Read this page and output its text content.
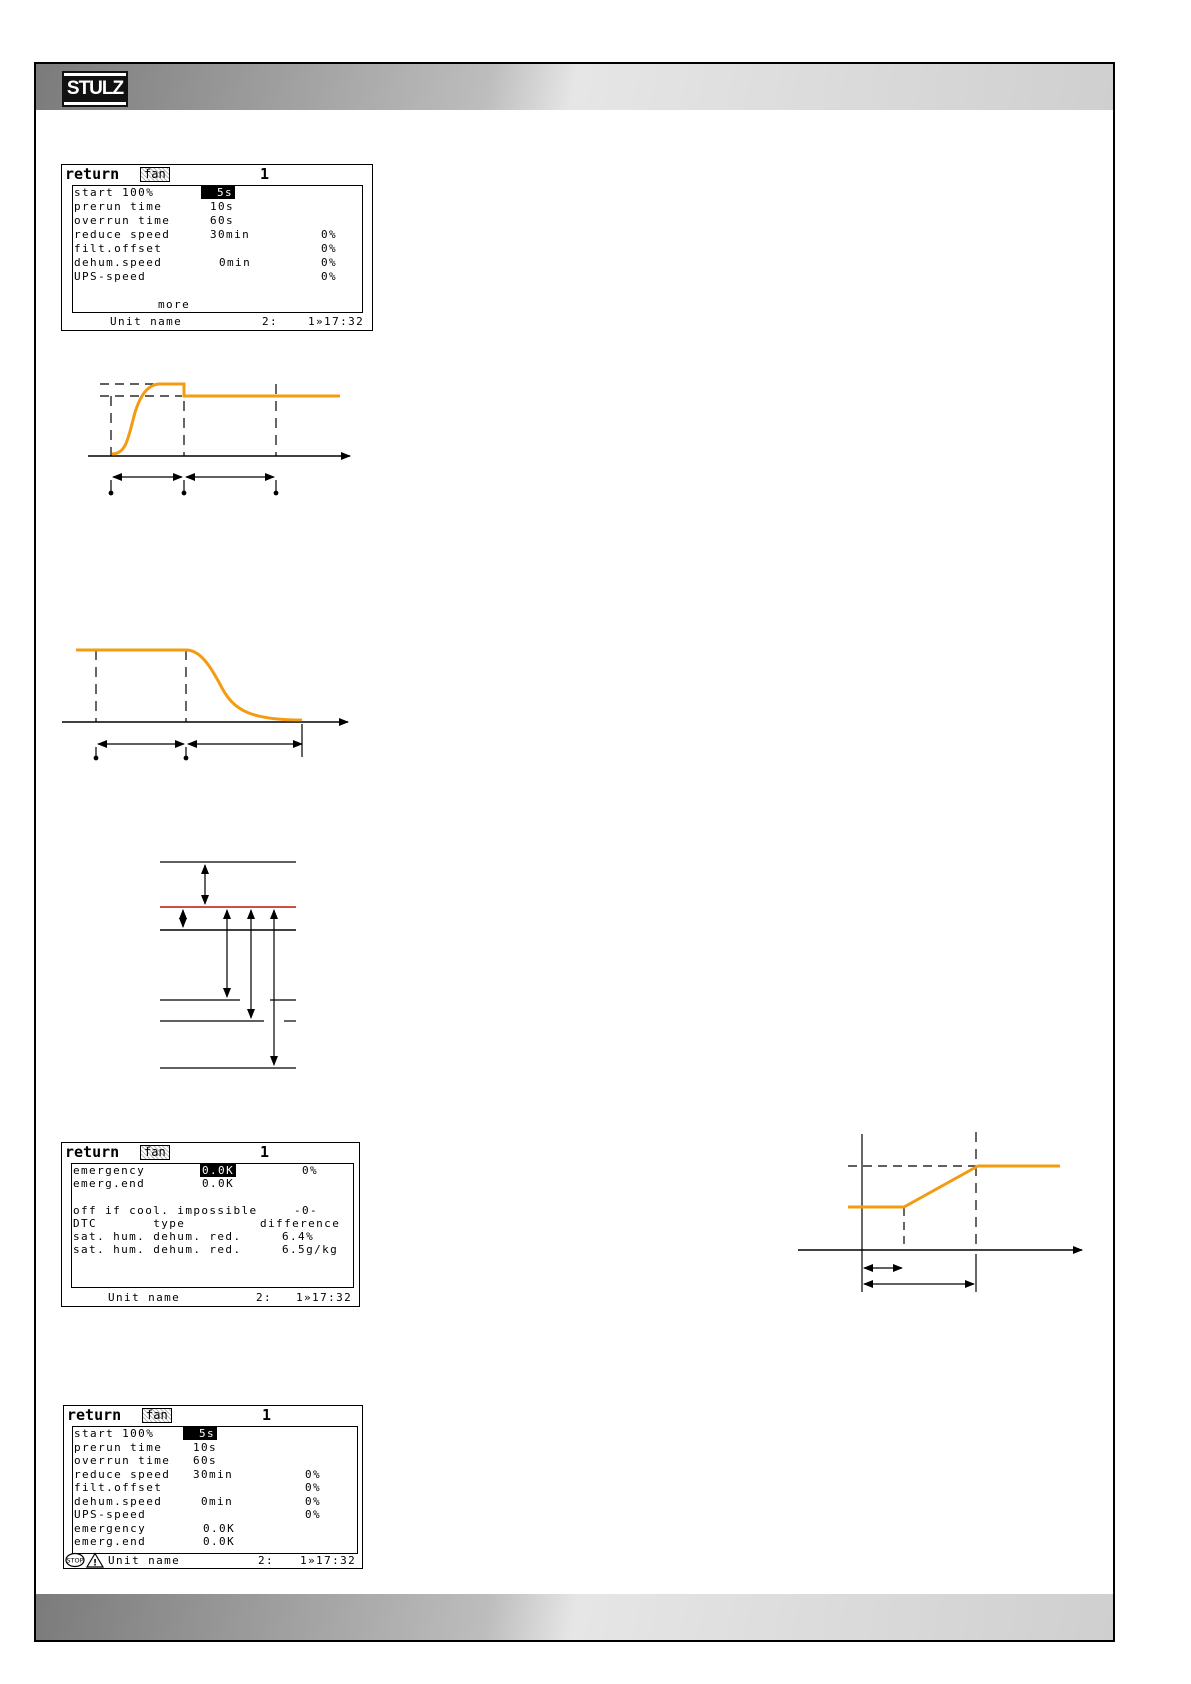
STULZ
return	fan	1
start 100%	5s
prerun time	10s
overrun time	60s
reduce speed	30min	0%
filt.offset	0%
dehum.speed	0min	0%
UPS-speed	0%
more
Unit name	2:	1»17:32
return	fan	1
emergency	0.0K	0%
emerg.end	0.0K
off if cool. impossible	-0-
DTC       type	difference
sat. hum. dehum. red.	6.4%
sat. hum. dehum. red.	6.5g/kg
Unit name	2: 1»17:32
return	fan	1
start 100%	5s
prerun time	10s
overrun time 60s
reduce speed 30min	0%
filt.offset	0%
dehum.speed	0min	0%
UPS-speed	0%
emergency	0.0K
emerg.end	0.0K
STOP ! Unit name	2: 1»17:32
